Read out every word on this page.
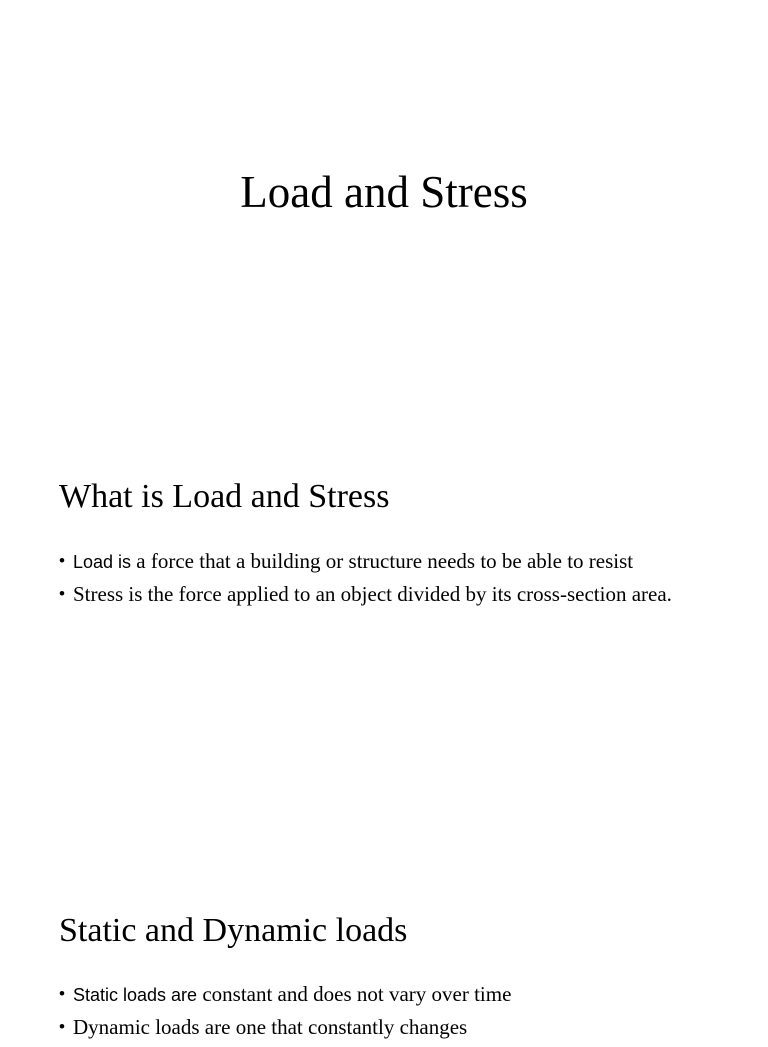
Load and Stress
What is Load and Stress
• Load is a force that a building or structure needs to be able to resist
• Stress is the force applied to an object divided by its cross-section area.
Static and Dynamic loads
• Static loads are constant and does not vary over time
• Dynamic loads are one that constantly changes
